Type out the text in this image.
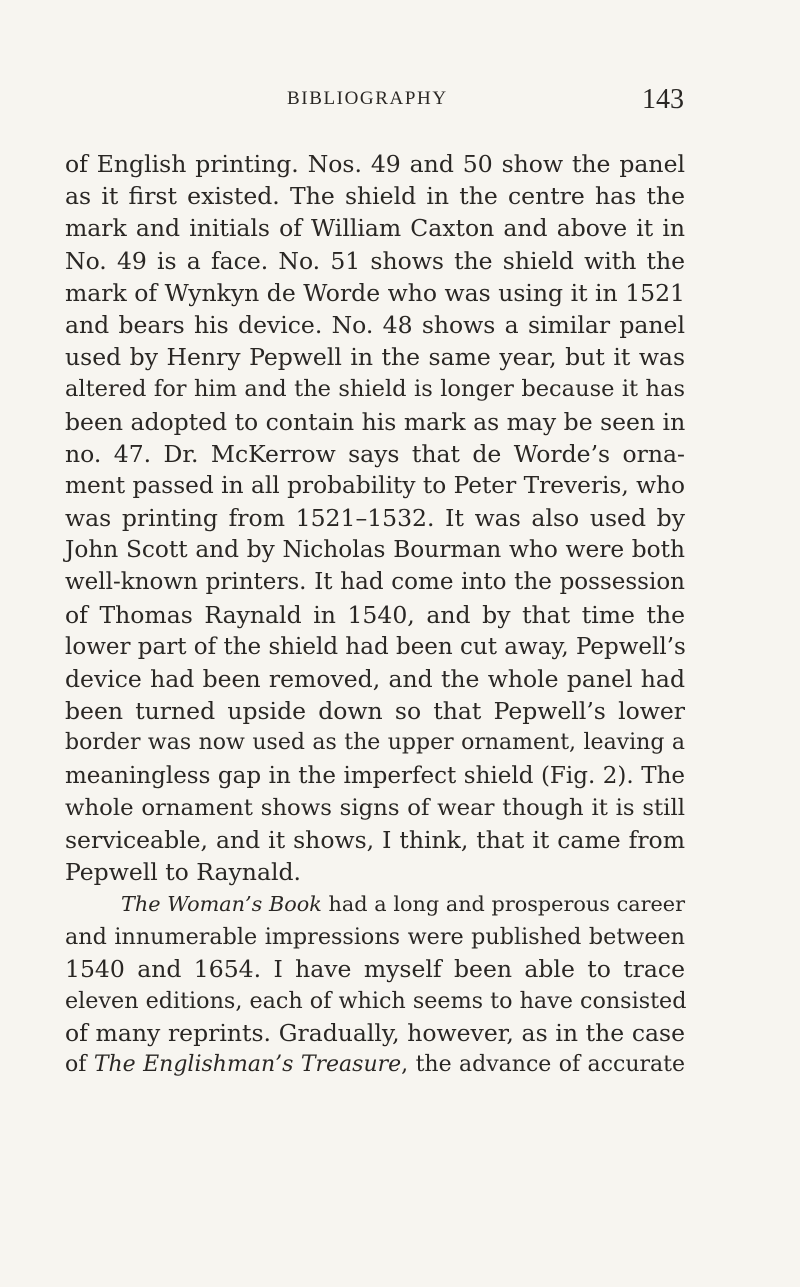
BIBLIOGRAPHY	143
of English printing. Nos. 49 and 50 show the panel
as it first existed. The shield in the centre has the
mark and initials of William Caxton and above it in
No. 49 is a face. No. 51 shows the shield with the
mark of Wynkyn de Worde who was using it in 1521
and bears his device. No. 48 shows a similar panel
used by Henry Pepwell in the same year, but it was
altered for him and the shield is longer because it has
been adopted to contain his mark as may be seen in
no. 47. Dr. McKerrow says that de Worde’s orna-
ment passed in all probability to Peter Treveris, who
was printing from 1521–1532. It was also used by
John Scott and by Nicholas Bourman who were both
well-known printers. It had come into the possession
of Thomas Raynald in 1540, and by that time the
lower part of the shield had been cut away, Pepwell’s
device had been removed, and the whole panel had
been turned upside down so that Pepwell’s lower
border was now used as the upper ornament, leaving a
meaningless gap in the imperfect shield (Fig. 2). The
whole ornament shows signs of wear though it is still
serviceable, and it shows, I think, that it came from
Pepwell to Raynald.
The Woman’s Book had a long and prosperous career
and innumerable impressions were published between
1540 and 1654. I have myself been able to trace
eleven editions, each of which seems to have consisted
of many reprints. Gradually, however, as in the case
of The Englishman’s Treasure, the advance of accurate
